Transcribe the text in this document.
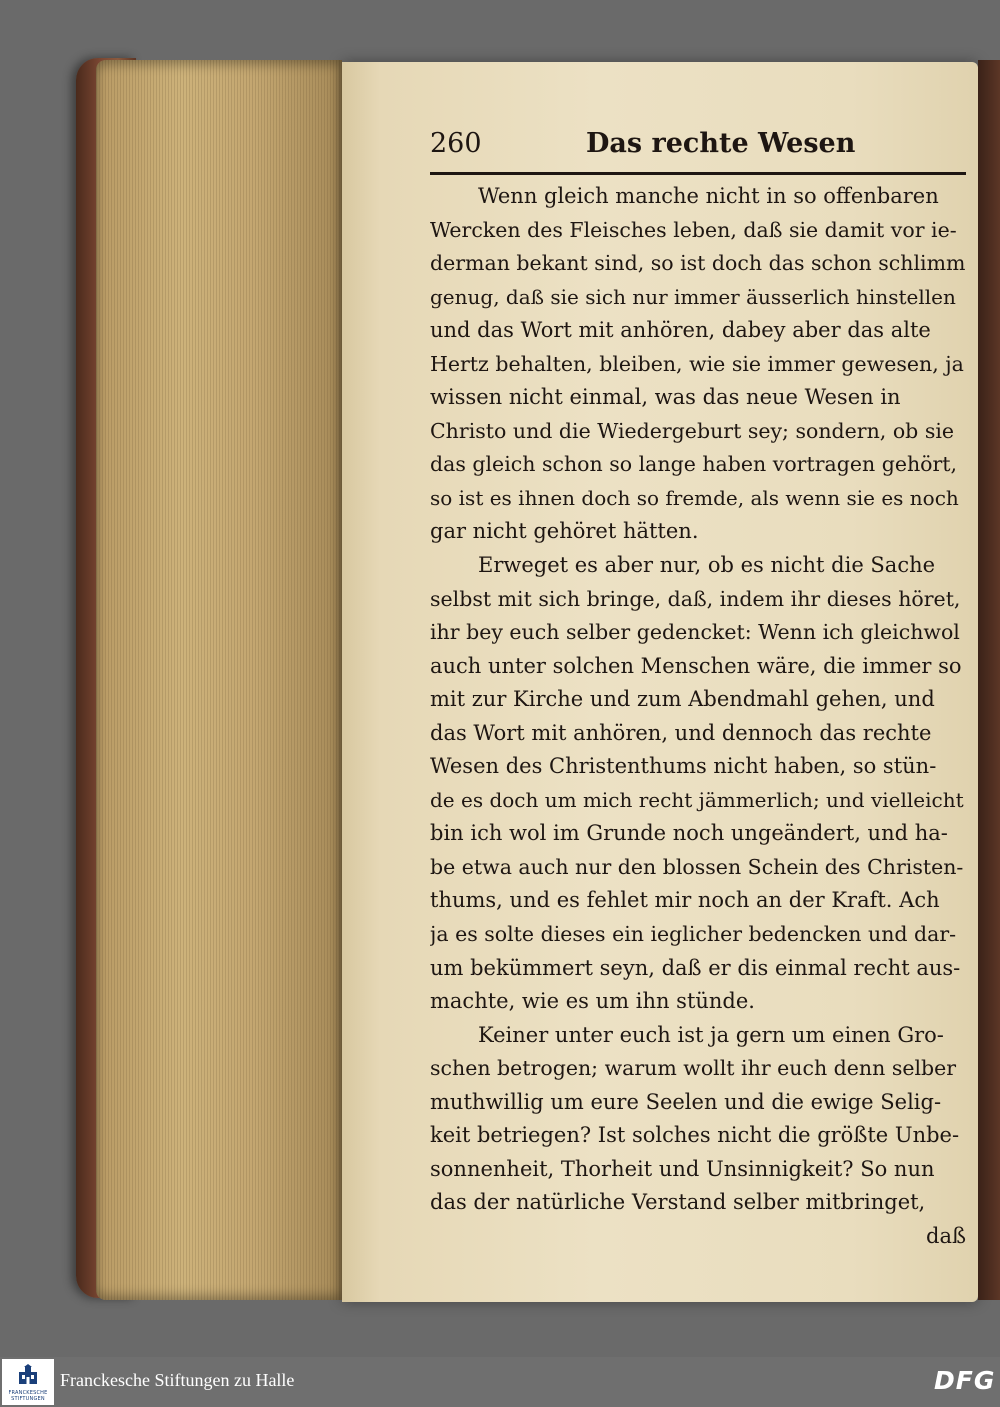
260	Das rechte Wesen
Wenn gleich manche nicht in so offenbaren
Wercken des Fleisches leben, daß sie damit vor ie-
derman bekant sind, so ist doch das schon schlimm
genug, daß sie sich nur immer äusserlich hinstellen
und das Wort mit anhören, dabey aber das alte
Hertz behalten, bleiben, wie sie immer gewesen, ja
wissen nicht einmal, was das neue Wesen in
Christo und die Wiedergeburt sey; sondern, ob sie
das gleich schon so lange haben vortragen gehört,
so ist es ihnen doch so fremde, als wenn sie es noch
gar nicht gehöret hätten.
Erweget es aber nur, ob es nicht die Sache
selbst mit sich bringe, daß, indem ihr dieses höret,
ihr bey euch selber gedencket: Wenn ich gleichwol
auch unter solchen Menschen wäre, die immer so
mit zur Kirche und zum Abendmahl gehen, und
das Wort mit anhören, und dennoch das rechte
Wesen des Christenthums nicht haben, so stün-
de es doch um mich recht jämmerlich; und vielleicht
bin ich wol im Grunde noch ungeändert, und ha-
be etwa auch nur den blossen Schein des Christen-
thums, und es fehlet mir noch an der Kraft. Ach
ja es solte dieses ein ieglicher bedencken und dar-
um bekümmert seyn, daß er dis einmal recht aus-
machte, wie es um ihn stünde.
Keiner unter euch ist ja gern um einen Gro-
schen betrogen; warum wollt ihr euch denn selber
muthwillig um eure Seelen und die ewige Selig-
keit betriegen? Ist solches nicht die größte Unbe-
sonnenheit, Thorheit und Unsinnigkeit? So nun
das der natürliche Verstand selber mitbringet,
daß
FRANCKESCHE STIFTUNGEN
Franckesche Stiftungen zu Halle	DFG
